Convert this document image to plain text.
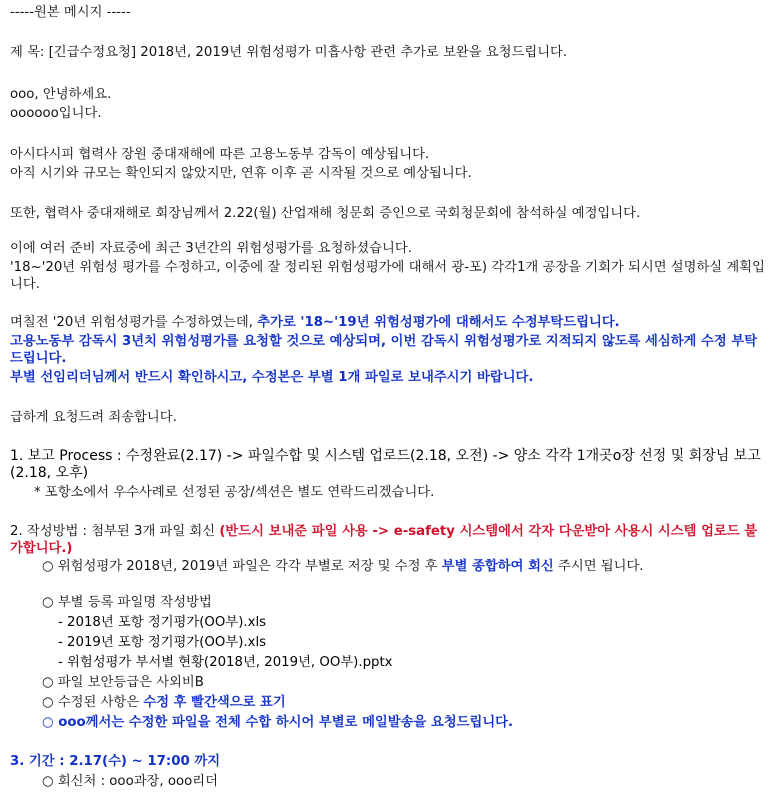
-----원본 메시지 -----
제 목: [긴급수정요청] 2018년, 2019년 위험성평가 미흡사항 관련 추가로 보완을 요청드립니다.
ooo, 안녕하세요.
oooooo입니다.
아시다시피 협력사 장원 중대재해에 따른 고용노동부 감독이 예상됩니다.
아직 시기와 규모는 확인되지 않았지만, 연휴 이후 곧 시작될 것으로 예상됩니다.
또한, 협력사 중대재해로 회장님께서 2.22(월) 산업재해 청문회 증인으로 국회청문회에 참석하실 예정입니다.
이에 여러 준비 자료중에 최근 3년간의 위험성평가를 요청하셨습니다.
'18~'20년 위험성 평가를 수정하고, 이중에 잘 정리된 위험성평가에 대해서 광-포) 각각1개 공장을 기회가 되시면 설명하실 계획입니다.
며칠전 '20년 위험성평가를 수정하였는데, 추가로 '18~'19년 위험성평가에 대해서도 수정부탁드립니다.
고용노동부 감독시 3년치 위험성평가를 요청할 것으로 예상되며, 이번 감독시 위험성평가로 지적되지 않도록 세심하게 수정 부탁드립니다.
부별 선임리더님께서 반드시 확인하시고, 수정본은 부별 1개 파일로 보내주시기 바랍니다.
급하게 요청드려 죄송합니다.
1. 보고 Process : 수정완료(2.17) -> 파일수합 및 시스템 업로드(2.18, 오전) -> 양소 각각 1개곳o장 선정 및 회장님 보고(2.18, 오후)
* 포항소에서 우수사례로 선정된 공장/섹션은 별도 연락드리겠습니다.
2. 작성방법 : 첨부된 3개 파일 회신 (반드시 보내준 파일 사용 -> e-safety 시스템에서 각자 다운받아 사용시 시스템 업로드 불가합니다.)
○ 위험성평가 2018년, 2019년 파일은 각각 부별로 저장 및 수정 후 부별 종합하여 회신 주시면 됩니다.
○ 부별 등록 파일명 작성방법
- 2018년 포항 정기평가(OO부).xls
- 2019년 포항 정기평가(OO부).xls
- 위험성평가 부서별 현황(2018년, 2019년, OO부).pptx
○ 파일 보안등급은 사외비B
○ 수정된 사항은 수정 후 빨간색으로 표기
○ ooo께서는 수정한 파일을 전체 수합 하시어 부별로 메일발송을 요청드립니다.
3. 기간 : 2.17(수) ~ 17:00 까지
○ 회신처 : ooo과장, ooo리더
